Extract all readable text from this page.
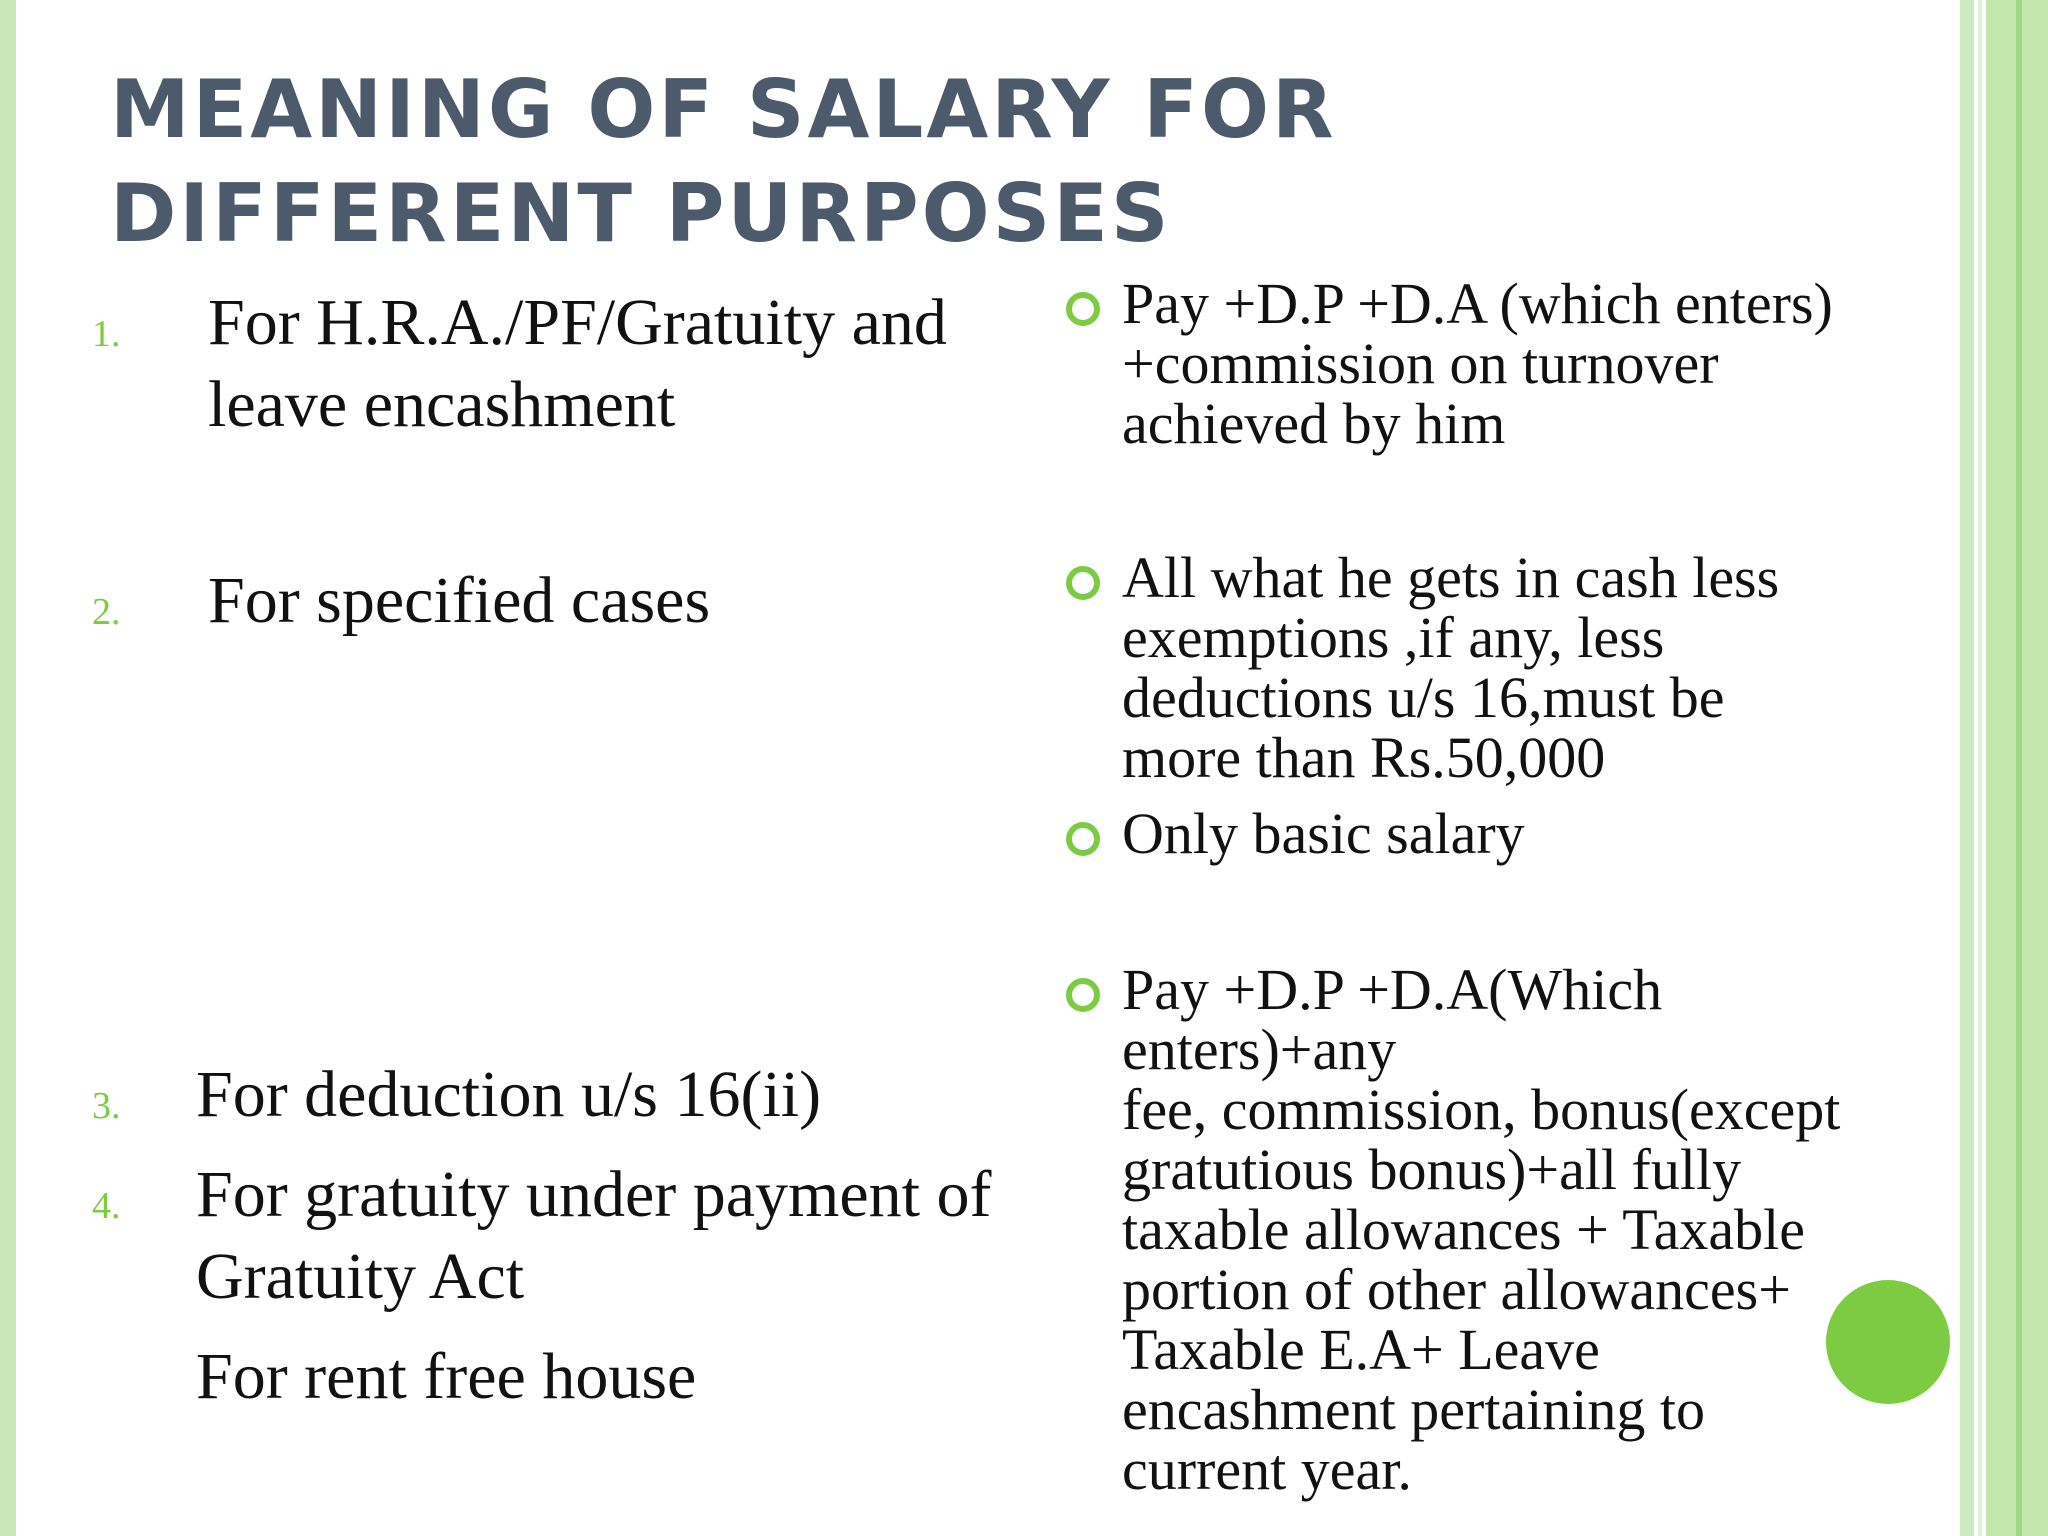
MEANING OF SALARY FOR DIFFERENT PURPOSES
1. For H.R.A./PF/Gratuity and leave encashment

2. For specified cases

3. For deduction u/s 16(ii)

4. For gratuity under payment of Gratuity Act

For rent free house

Pay +D.P +D.A (which enters)
+commission on turnover
achieved by him

All what he gets in cash less
exemptions ,if any, less
deductions u/s 16,must be
more than Rs.50,000

Only basic salary

Pay +D.P +D.A(Which
enters)+any
fee, commission, bonus(except
gratutious bonus)+all fully
taxable allowances + Taxable
portion of other allowances+
Taxable E.A+ Leave
encashment pertaining to
current year.
